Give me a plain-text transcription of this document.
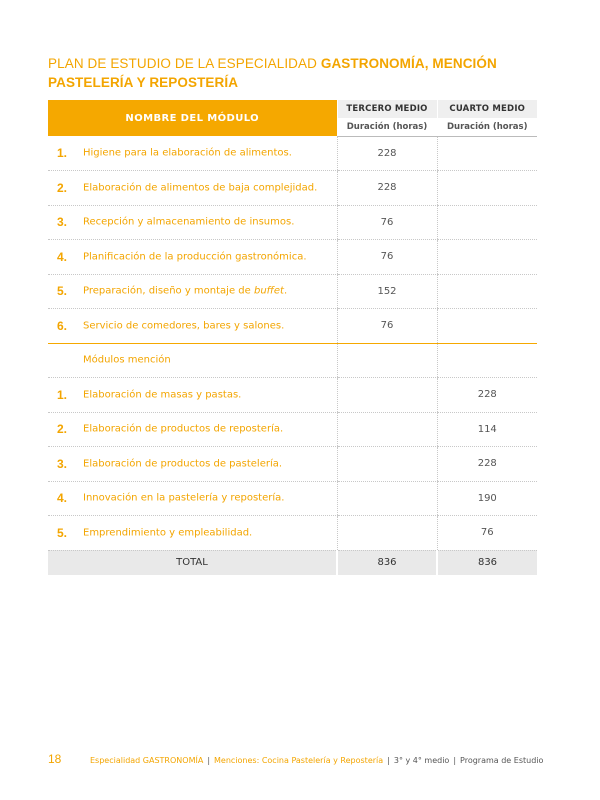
PLAN DE ESTUDIO DE LA ESPECIALIDAD GASTRONOMÍA, MENCIÓN PASTELERÍA Y REPOSTERÍA
NOMBRE DEL MÓDULO	TERCERO MEDIO	CUARTO MEDIO
	Duración (horas)	Duración (horas)

1. Higiene para la elaboración de alimentos.	228	

2. Elaboración de alimentos de baja complejidad.	228	

3. Recepción y almacenamiento de insumos.	76	

4. Planificación de la producción gastronómica.	76	

5. Preparación, diseño y montaje de buffet.	152	

6. Servicio de comedores, bares y salones.	76	

Módulos mención		

1. Elaboración de masas y pastas.		228

2. Elaboración de productos de repostería.		114

3. Elaboración de productos de pastelería.		228

4. Innovación en la pastelería y repostería.		190

5. Emprendimiento y empleabilidad.		76
TOTAL	836	836
18	Especialidad GASTRONOMÍA | Menciones: Cocina Pastelería y Repostería | 3° y 4° medio | Programa de Estudio
